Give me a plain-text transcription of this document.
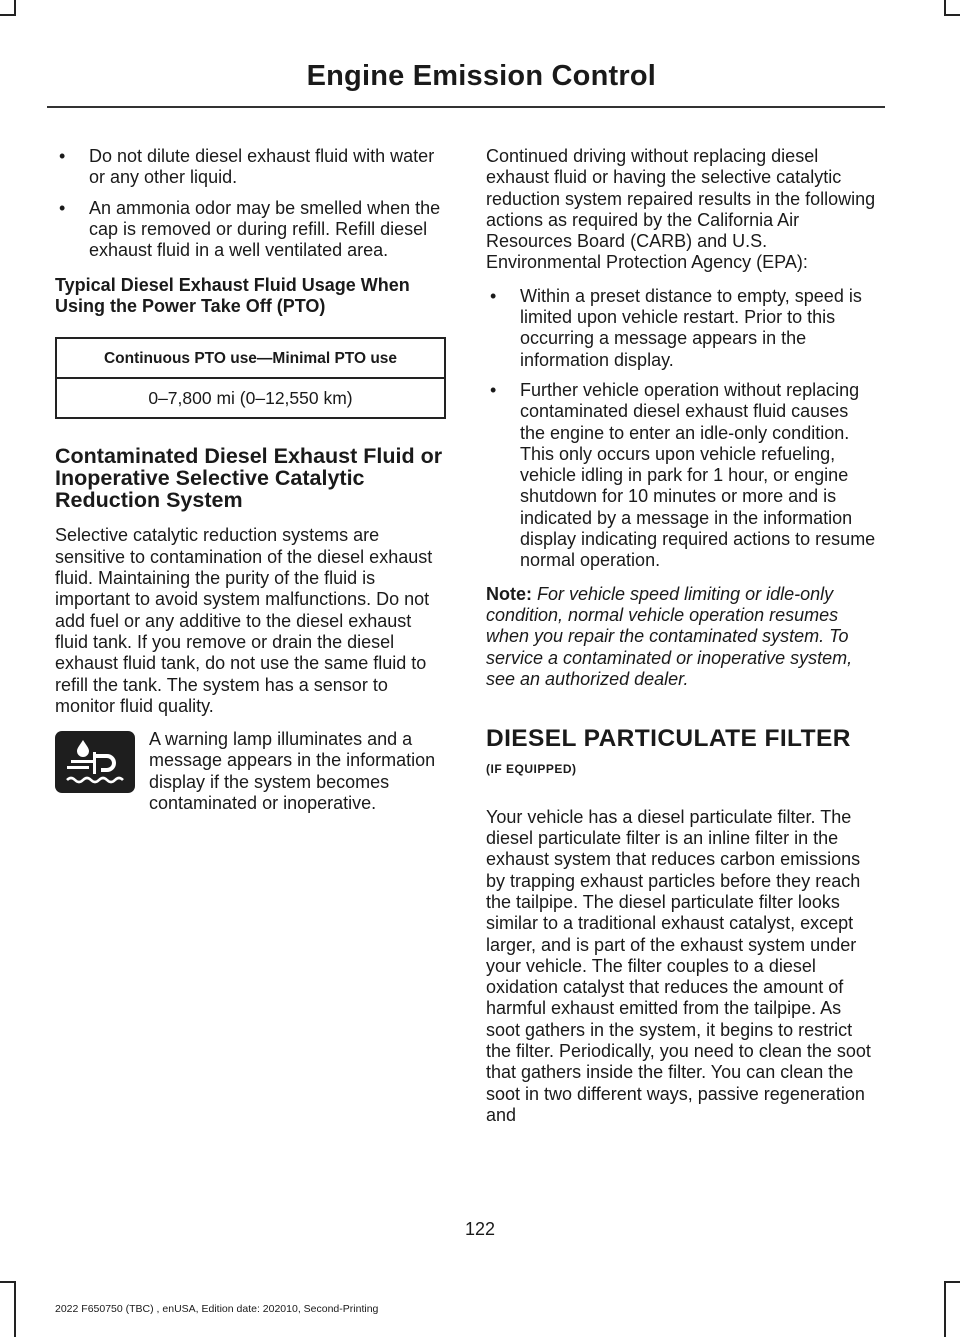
Engine Emission Control
• Do not dilute diesel exhaust fluid with water or any other liquid.
• An ammonia odor may be smelled when the cap is removed or during refill. Refill diesel exhaust fluid in a well ventilated area.
Typical Diesel Exhaust Fluid Usage When Using the Power Take Off (PTO)
Continuous PTO use—Minimal PTO use
0–7,800 mi (0–12,550 km)
Contaminated Diesel Exhaust Fluid or Inoperative Selective Catalytic Reduction System

Selective catalytic reduction systems are sensitive to contamination of the diesel exhaust fluid. Maintaining the purity of the fluid is important to avoid system malfunctions. Do not add fuel or any additive to the diesel exhaust fluid tank. If you remove or drain the diesel exhaust fluid tank, do not use the same fluid to refill the tank. The system has a sensor to monitor fluid quality.

A warning lamp illuminates and a message appears in the information display if the system becomes contaminated or inoperative.

Continued driving without replacing diesel exhaust fluid or having the selective catalytic reduction system repaired results in the following actions as required by the California Air Resources Board (CARB) and U.S. Environmental Protection Agency (EPA):

• Within a preset distance to empty, speed is limited upon vehicle restart. Prior to this occurring a message appears in the information display.
• Further vehicle operation without replacing contaminated diesel exhaust fluid causes the engine to enter an idle-only condition. This only occurs upon vehicle refueling, vehicle idling in park for 1 hour, or engine shutdown for 10 minutes or more and is indicated by a message in the information display indicating required actions to resume normal operation.

Note: For vehicle speed limiting or idle-only condition, normal vehicle operation resumes when you repair the contaminated system. To service a contaminated or inoperative system, see an authorized dealer.

DIESEL PARTICULATE FILTER
(IF EQUIPPED)

Your vehicle has a diesel particulate filter. The diesel particulate filter is an inline filter in the exhaust system that reduces carbon emissions by trapping exhaust particles before they reach the tailpipe. The diesel particulate filter looks similar to a traditional exhaust catalyst, except larger, and is part of the exhaust system under your vehicle. The filter couples to a diesel oxidation catalyst that reduces the amount of harmful exhaust emitted from the tailpipe. As soot gathers in the system, it begins to restrict the filter. Periodically, you need to clean the soot that gathers inside the filter. You can clean the soot in two different ways, passive regeneration and

122
2022 F650750 (TBC) , enUSA, Edition date: 202010, Second-Printing
